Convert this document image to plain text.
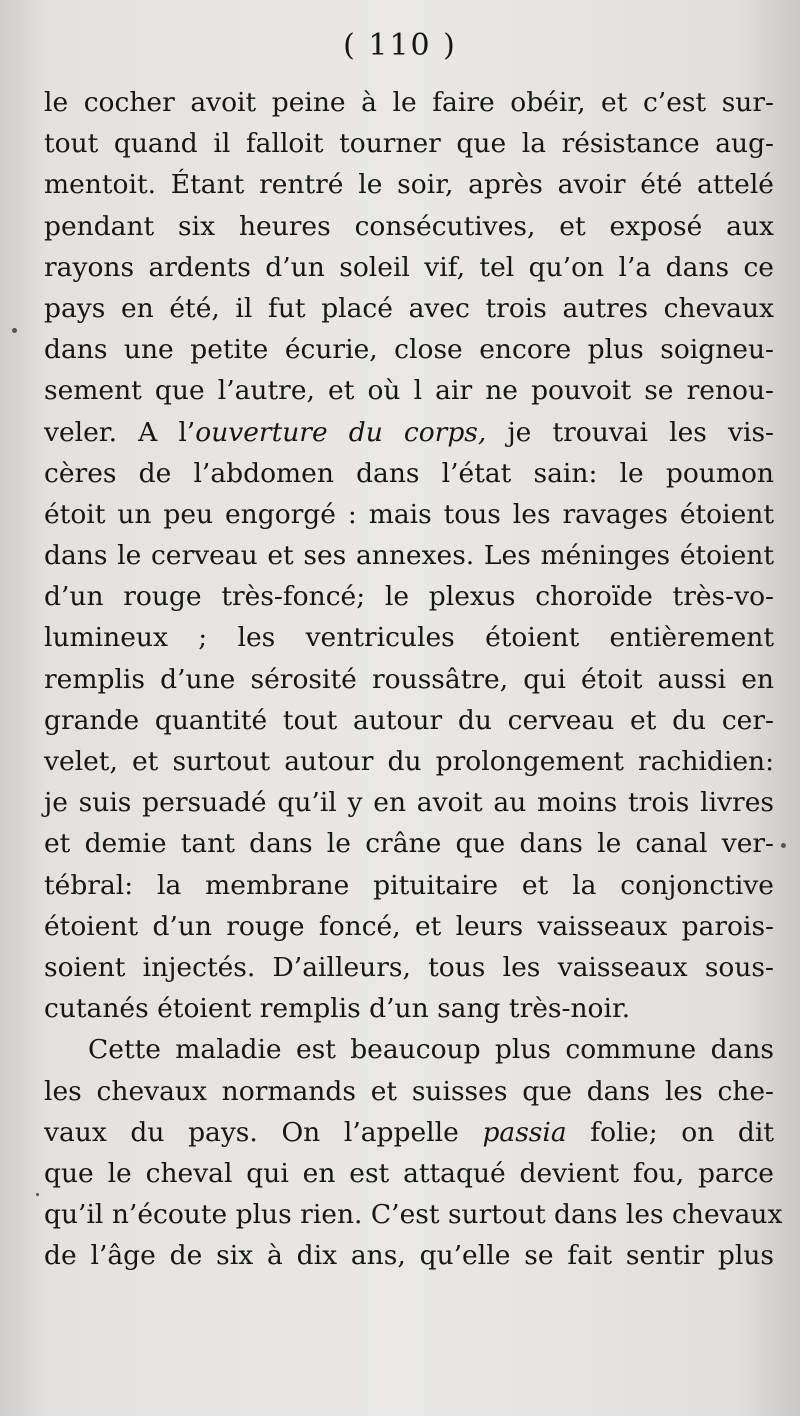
( 110 )
le cocher avoit peine à le faire obéir, et c’est sur-
tout quand il falloit tourner que la résistance aug-
mentoit. Étant rentré le soir, après avoir été attelé
pendant six heures consécutives, et exposé aux
rayons ardents d’un soleil vif, tel qu’on l’a dans ce
pays en été, il fut placé avec trois autres chevaux
dans une petite écurie, close encore plus soigneu-
sement que l’autre, et où l air ne pouvoit se renou-
veler. A l’ouverture du corps, je trouvai les vis-
cères de l’abdomen dans l’état sain: le poumon
étoit un peu engorgé : mais tous les ravages étoient
dans le cerveau et ses annexes. Les méninges étoient
d’un rouge très-foncé; le plexus choroïde très-vo-
lumineux ; les ventricules étoient entièrement
remplis d’une sérosité roussâtre, qui étoit aussi en
grande quantité tout autour du cerveau et du cer-
velet, et surtout autour du prolongement rachidien:
je suis persuadé qu’il y en avoit au moins trois livres
et demie tant dans le crâne que dans le canal ver-
tébral: la membrane pituitaire et la conjonctive
étoient d’un rouge foncé, et leurs vaisseaux parois-
soient injectés. D’ailleurs, tous les vaisseaux sous-
cutanés étoient remplis d’un sang très-noir.
Cette maladie est beaucoup plus commune dans
les chevaux normands et suisses que dans les che-
vaux du pays. On l’appelle passia folie; on dit
que le cheval qui en est attaqué devient fou, parce
qu’il n’écoute plus rien. C’est surtout dans les chevaux
de l’âge de six à dix ans, qu’elle se fait sentir plus
